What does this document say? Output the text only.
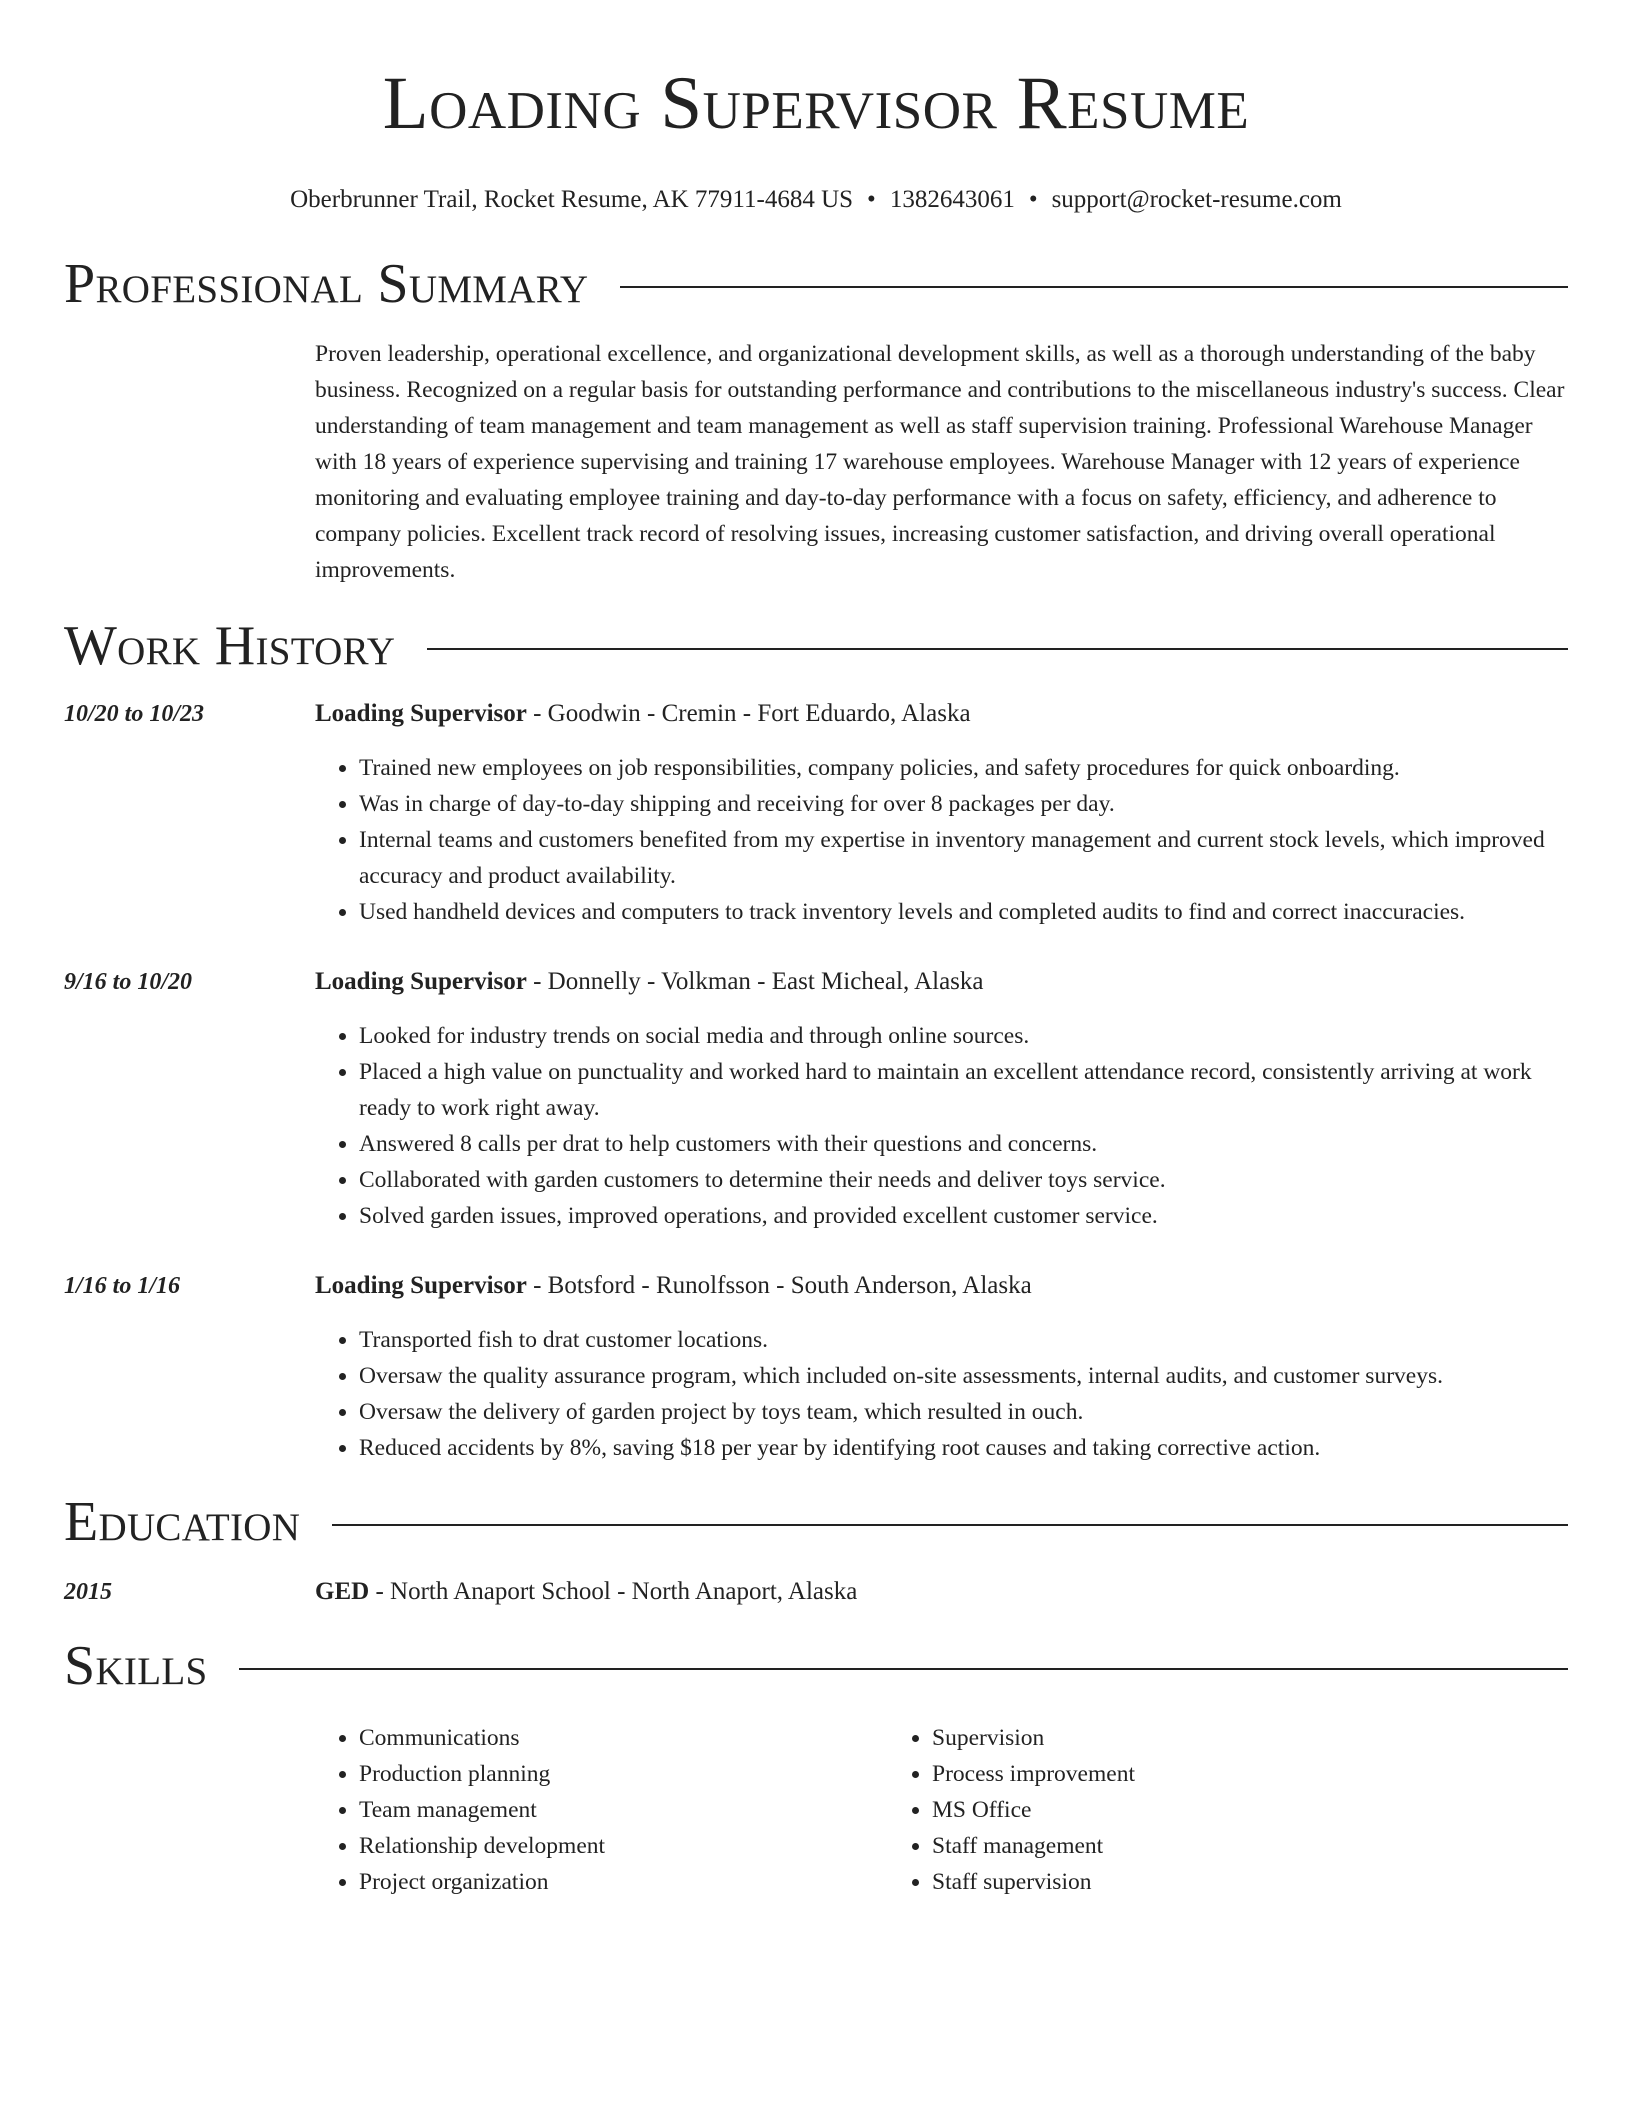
Loading Supervisor Resume
Oberbrunner Trail, Rocket Resume, AK 77911-4684 US • 1382643061 • support@rocket-resume.com
Professional Summary
Proven leadership, operational excellence, and organizational development skills, as well as a thorough understanding of the baby business. Recognized on a regular basis for outstanding performance and contributions to the miscellaneous industry's success. Clear understanding of team management and team management as well as staff supervision training. Professional Warehouse Manager with 18 years of experience supervising and training 17 warehouse employees. Warehouse Manager with 12 years of experience monitoring and evaluating employee training and day-to-day performance with a focus on safety, efficiency, and adherence to company policies. Excellent track record of resolving issues, increasing customer satisfaction, and driving overall operational improvements.
Work History
10/20 to 10/23	Loading Supervisor - Goodwin - Cremin - Fort Eduardo, Alaska
• Trained new employees on job responsibilities, company policies, and safety procedures for quick onboarding.
• Was in charge of day-to-day shipping and receiving for over 8 packages per day.
• Internal teams and customers benefited from my expertise in inventory management and current stock levels, which improved accuracy and product availability.
• Used handheld devices and computers to track inventory levels and completed audits to find and correct inaccuracies.
9/16 to 10/20	Loading Supervisor - Donnelly - Volkman - East Micheal, Alaska
• Looked for industry trends on social media and through online sources.
• Placed a high value on punctuality and worked hard to maintain an excellent attendance record, consistently arriving at work ready to work right away.
• Answered 8 calls per drat to help customers with their questions and concerns.
• Collaborated with garden customers to determine their needs and deliver toys service.
• Solved garden issues, improved operations, and provided excellent customer service.
1/16 to 1/16	Loading Supervisor - Botsford - Runolfsson - South Anderson, Alaska
• Transported fish to drat customer locations.
• Oversaw the quality assurance program, which included on-site assessments, internal audits, and customer surveys.
• Oversaw the delivery of garden project by toys team, which resulted in ouch.
• Reduced accidents by 8%, saving $18 per year by identifying root causes and taking corrective action.
Education
2015	GED - North Anaport School - North Anaport, Alaska
Skills
• Communications
• Production planning
• Team management
• Relationship development
• Project organization
• Supervision
• Process improvement
• MS Office
• Staff management
• Staff supervision
